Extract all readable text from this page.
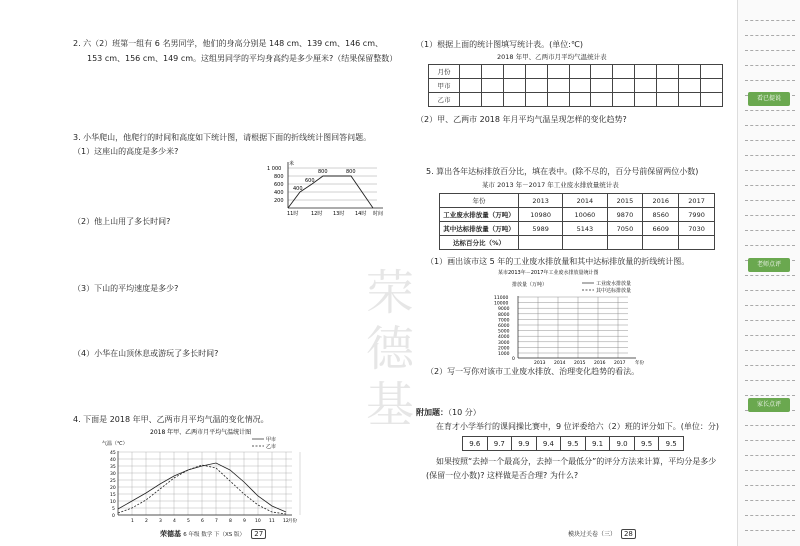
2. 六（2）班第一组有 6 名男同学，他们的身高分别是 148 cm、139 cm、146 cm、
153 cm、156 cm、149 cm。这组男同学的平均身高约是多少厘米?（结果保留整数）
3. 小华爬山，他爬行的时间和高度如下统计图，请根据下面的折线统计图回答问题。
（1）这座山的高度是多少米?
米
1 000
800
600
400
200
400
600
800	800
11时	12时 13时 14时 时间
（2）他上山用了多长时间?
（3）下山的平均速度是多少?
（4）小华在山顶休息或游玩了多长时间?
4. 下面是 2018 年甲、乙两市月平均气温的变化情况。
2018 年甲、乙两市月平均气温统计图
气温（℃）
甲市
乙市
45
40
35
30
25
20
15
10
5
0
1 2 3 4 5 6 7 8 9 10 11 12 月份
荣德基 6 年级 数学 下（XS 版） 27
荣德基
（1）根据上面的统计图填写统计表。(单位:℃)
2018 年甲、乙两市月平均气温统计表
月份												
甲市												
乙市												
（2）甲、乙两市 2018 年月平均气温呈现怎样的变化趋势?
5. 算出各年达标排放百分比，填在表中。(除不尽的，百分号前保留两位小数)
某市 2013 年－2017 年工业废水排放量统计表
年份	2013	2014	2015	2016	2017
工业废水排放量（万吨）	10980	10060	9870	8560	7990
其中达标排放量（万吨）	5989	5143	7050	6609	7030
达标百分比（%）					
（1）画出该市这 5 年的工业废水排放量和其中达标排放量的折线统计图。
某市2013年－2017年工业废水排放量统计图
排放量（万吨）	工业废水排放量
其中达标排放量
11000
10000
9000
8000
7000
6000
5000
4000
3000
2000
1000
0
2013 2014 2015 2016 2017 年份
（2）写一写你对该市工业废水排放、治理变化趋势的看法。
附加题：（10 分）
在育才小学举行的课间操比赛中，9 位评委给六（2）班的评分如下。(单位：分)
9.6	9.7	9.9	9.4	9.5	9.1	9.0	9.5	9.5
如果按照“去掉一个最高分，去掉一个最低分”的评分方法来计算，平均分是多少
(保留一位小数)? 这样做是否合理? 为什么?
模块过关卷（三） 28
看已提说
老师点评
家长点评
